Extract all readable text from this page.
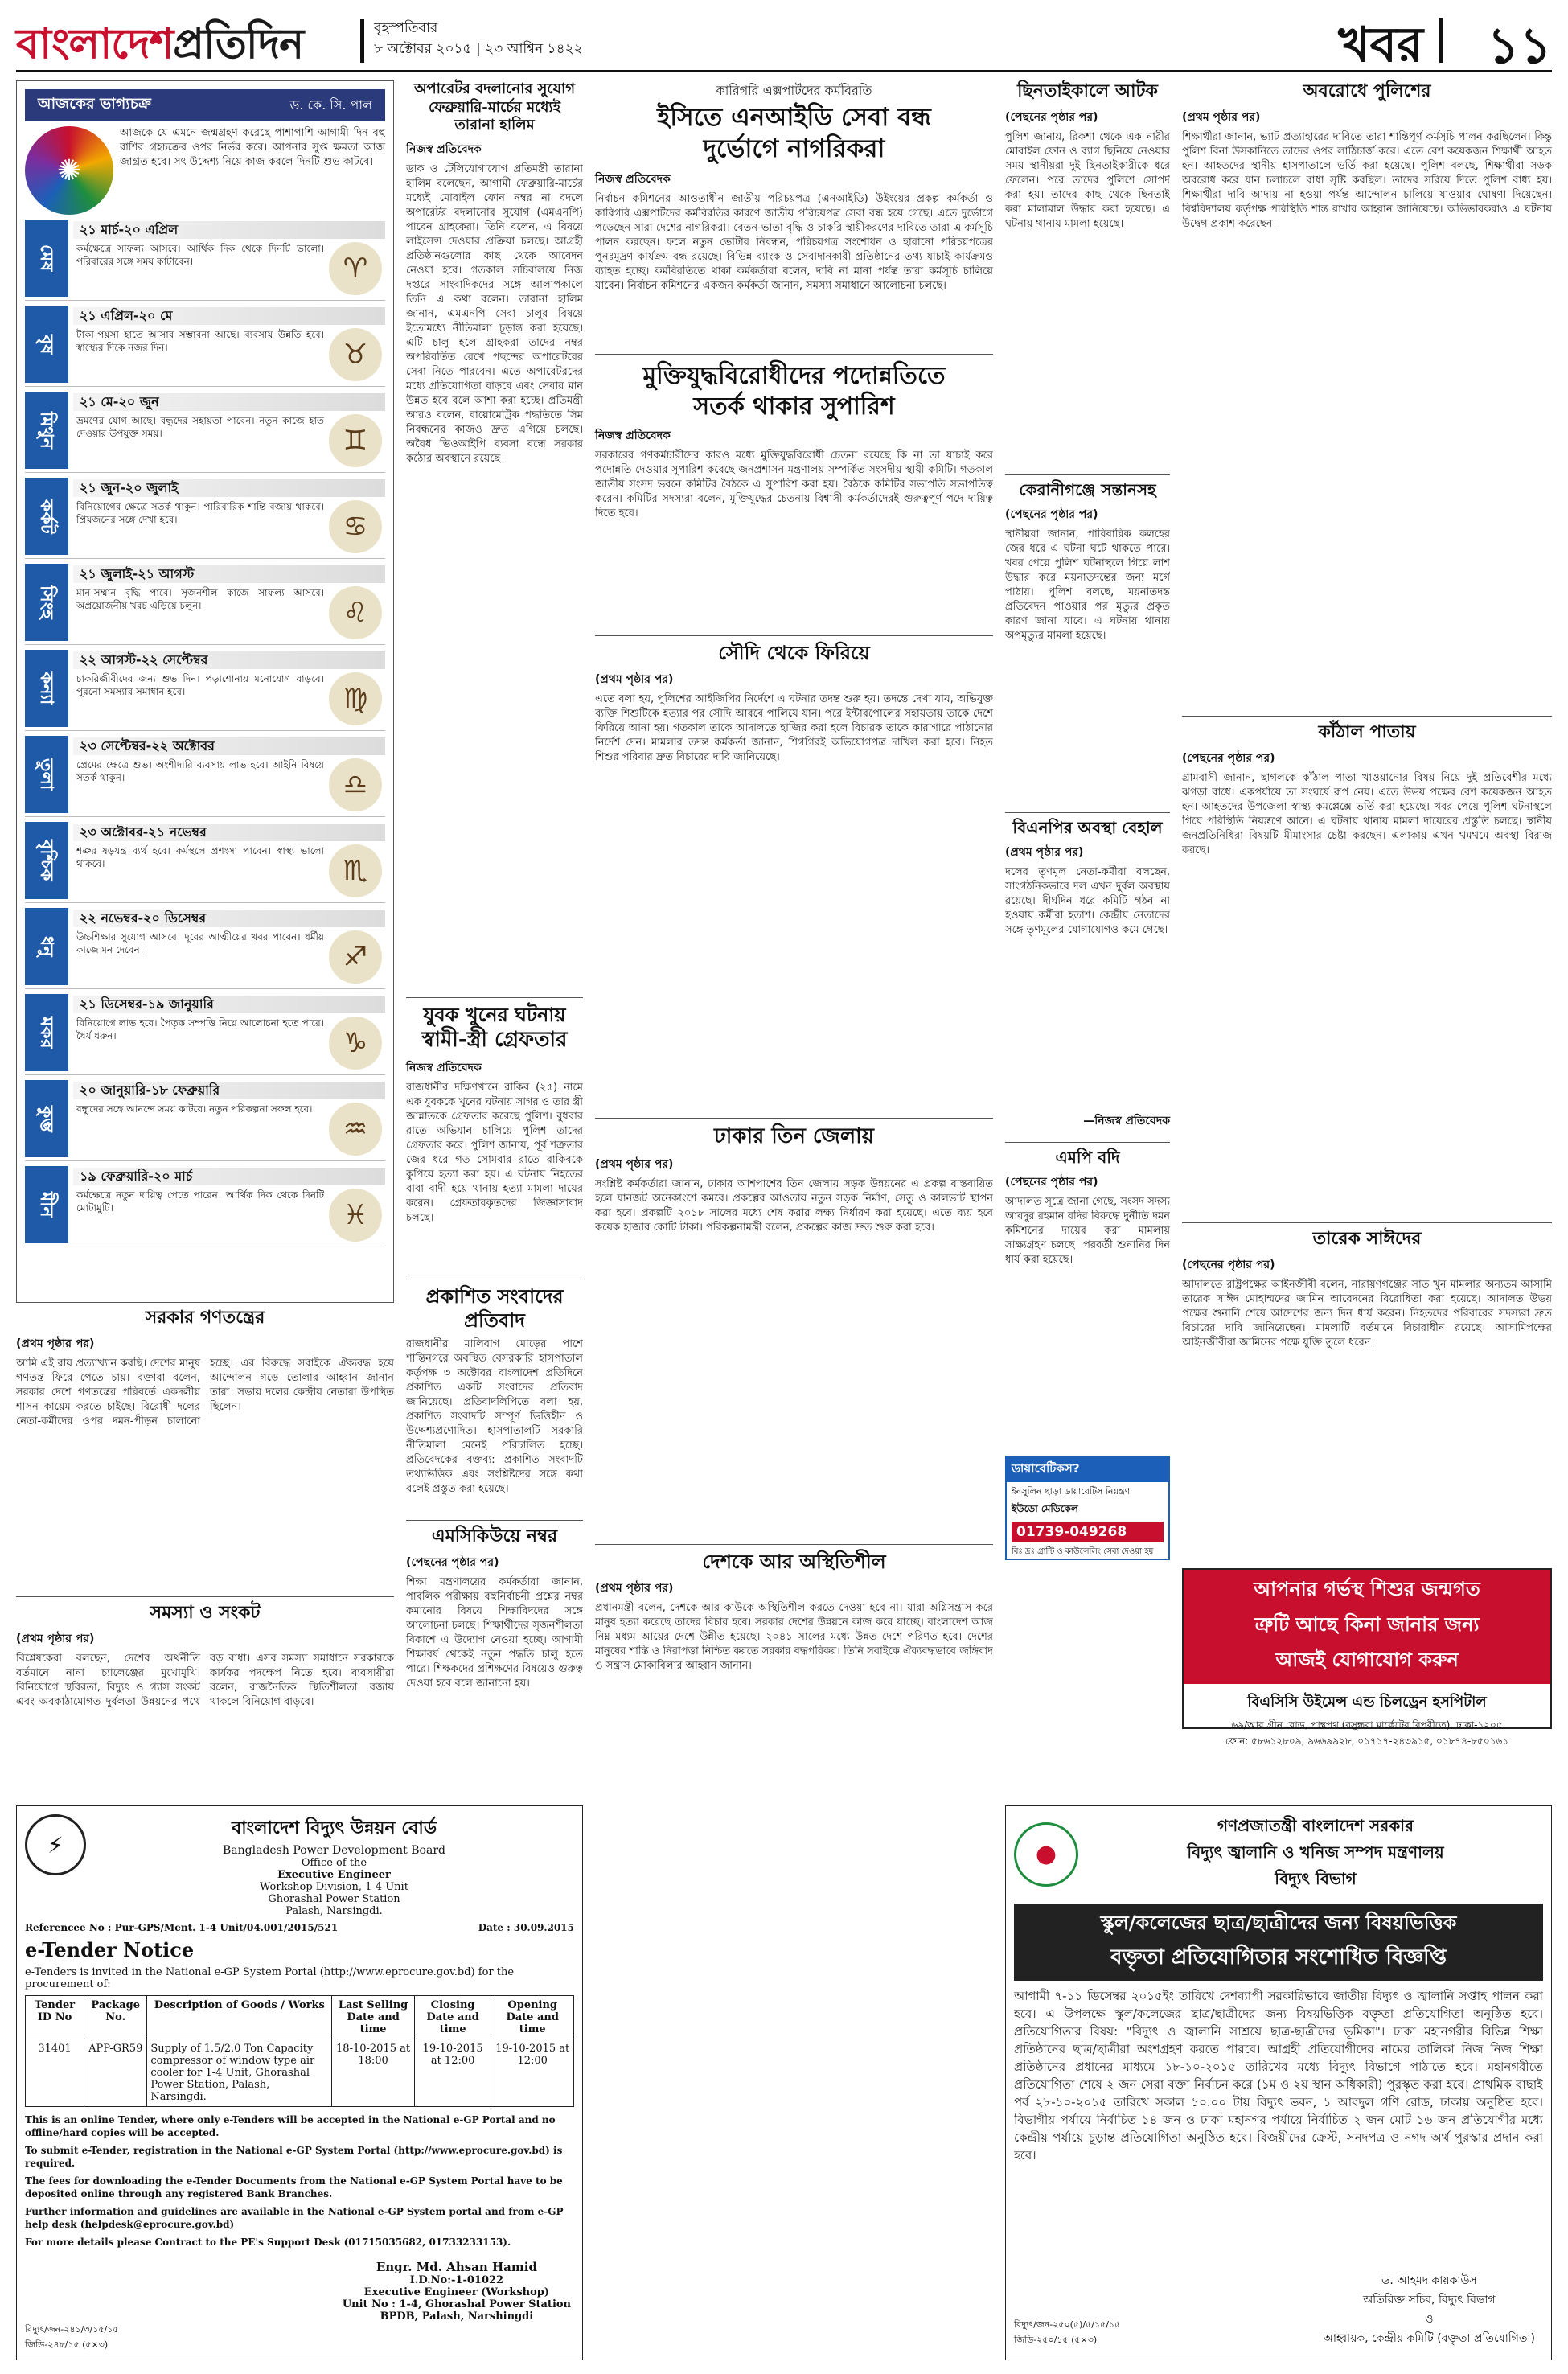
বাংলাদেশপ্রতিদিন	বৃহস্পতিবার
৮ অক্টোবর ২০১৫ | ২৩ আশ্বিন ১৪২২	খবর ১১
আজকের ভাগ্যচক্র	ড. কে. সি. পাল
✺
আজকে যে এমনে জন্মগ্রহণ করেছে পাশাপাশি আগামী দিন বহু রাশির গ্রহচক্রের ওপর নির্ভর করে। আপনার সুপ্ত ক্ষমতা আজ জাগ্রত হবে। সৎ উদ্দেশ্য নিয়ে কাজ করলে দিনটি শুভ কাটবে।
মেষ
২১ মার্চ-২০ এপ্রিল
কর্মক্ষেত্রে সাফল্য আসবে। আর্থিক দিক থেকে দিনটি ভালো। পরিবারের সঙ্গে সময় কাটাবেন।	♈
বৃষ
২১ এপ্রিল-২০ মে
টাকা-পয়সা হাতে আসার সম্ভাবনা আছে। ব্যবসায় উন্নতি হবে। স্বাস্থ্যের দিকে নজর দিন।	♉
মিথুন
২১ মে-২০ জুন
ভ্রমণের যোগ আছে। বন্ধুদের সহায়তা পাবেন। নতুন কাজে হাত দেওয়ার উপযুক্ত সময়।	♊
কর্কট
২১ জুন-২০ জুলাই
বিনিয়োগের ক্ষেত্রে সতর্ক থাকুন। পারিবারিক শান্তি বজায় থাকবে। প্রিয়জনের সঙ্গে দেখা হবে।	♋
সিংহ
২১ জুলাই-২১ আগস্ট
মান-সম্মান বৃদ্ধি পাবে। সৃজনশীল কাজে সাফল্য আসবে। অপ্রয়োজনীয় খরচ এড়িয়ে চলুন।	♌
কন্যা
২২ আগস্ট-২২ সেপ্টেম্বর
চাকরিজীবীদের জন্য শুভ দিন। পড়াশোনায় মনোযোগ বাড়বে। পুরনো সমস্যার সমাধান হবে।	♍
তুলা
২৩ সেপ্টেম্বর-২২ অক্টোবর
প্রেমের ক্ষেত্রে শুভ। অংশীদারি ব্যবসায় লাভ হবে। আইনি বিষয়ে সতর্ক থাকুন।	♎
বৃশ্চিক
২৩ অক্টোবর-২১ নভেম্বর
শত্রুর ষড়যন্ত্র ব্যর্থ হবে। কর্মস্থলে প্রশংসা পাবেন। স্বাস্থ্য ভালো থাকবে।	♏
ধনু
২২ নভেম্বর-২০ ডিসেম্বর
উচ্চশিক্ষার সুযোগ আসবে। দূরের আত্মীয়ের খবর পাবেন। ধর্মীয় কাজে মন দেবেন।	♐
মকর
২১ ডিসেম্বর-১৯ জানুয়ারি
বিনিয়োগে লাভ হবে। পৈতৃক সম্পত্তি নিয়ে আলোচনা হতে পারে। ধৈর্য ধরুন।	♑
কুম্ভ
২০ জানুয়ারি-১৮ ফেব্রুয়ারি
বন্ধুদের সঙ্গে আনন্দে সময় কাটবে। নতুন পরিকল্পনা সফল হবে।
♒
মীন
১৯ ফেব্রুয়ারি-২০ মার্চ
কর্মক্ষেত্রে নতুন দায়িত্ব পেতে পারেন। আর্থিক দিক থেকে দিনটি মোটামুটি।	♓
অপারেটর বদলানোর সুযোগ
ফেব্রুয়ারি-মার্চের মধ্যেই
তারানা হালিম
নিজস্ব প্রতিবেদক
ডাক ও টেলিযোগাযোগ প্রতিমন্ত্রী তারানা হালিম বলেছেন, আগামী ফেব্রুয়ারি-মার্চের মধ্যেই মোবাইল ফোন নম্বর না বদলে অপারেটর বদলানোর সুযোগ (এমএনপি) পাবেন গ্রাহকেরা। তিনি বলেন, এ বিষয়ে লাইসেন্স দেওয়ার প্রক্রিয়া চলছে। আগ্রহী প্রতিষ্ঠানগুলোর কাছ থেকে আবেদন নেওয়া হবে। গতকাল সচিবালয়ে নিজ দপ্তরে সাংবাদিকদের সঙ্গে আলাপকালে তিনি এ কথা বলেন। তারানা হালিম জানান, এমএনপি সেবা চালুর বিষয়ে ইতোমধ্যে নীতিমালা চূড়ান্ত করা হয়েছে। এটি চালু হলে গ্রাহকরা তাদের নম্বর অপরিবর্তিত রেখে পছন্দের অপারেটরের সেবা নিতে পারবেন। এতে অপারেটরদের মধ্যে প্রতিযোগিতা বাড়বে এবং সেবার মান উন্নত হবে বলে আশা করা হচ্ছে। প্রতিমন্ত্রী আরও বলেন, বায়োমেট্রিক পদ্ধতিতে সিম নিবন্ধনের কাজও দ্রুত এগিয়ে চলছে। অবৈধ ভিওআইপি ব্যবসা বন্ধে সরকার কঠোর অবস্থানে রয়েছে।
যুবক খুনের ঘটনায়
স্বামী-স্ত্রী গ্রেফতার
নিজস্ব প্রতিবেদক
রাজধানীর দক্ষিণখানে রাকিব (২৫) নামে এক যুবককে খুনের ঘটনায় সাগর ও তার স্ত্রী জান্নাতকে গ্রেফতার করেছে পুলিশ। বুধবার রাতে অভিযান চালিয়ে পুলিশ তাদের গ্রেফতার করে। পুলিশ জানায়, পূর্ব শত্রুতার জের ধরে গত সোমবার রাতে রাকিবকে কুপিয়ে হত্যা করা হয়। এ ঘটনায় নিহতের বাবা বাদী হয়ে থানায় হত্যা মামলা দায়ের করেন। গ্রেফতারকৃতদের জিজ্ঞাসাবাদ চলছে।
প্রকাশিত সংবাদের
প্রতিবাদ
রাজধানীর মালিবাগ মোড়ের পাশে শান্তিনগরে অবস্থিত বেসরকারি হাসপাতাল কর্তৃপক্ষ ৩ অক্টোবর বাংলাদেশ প্রতিদিনে প্রকাশিত একটি সংবাদের প্রতিবাদ জানিয়েছে। প্রতিবাদলিপিতে বলা হয়, প্রকাশিত সংবাদটি সম্পূর্ণ ভিত্তিহীন ও উদ্দেশ্যপ্রণোদিত। হাসপাতালটি সরকারি নীতিমালা মেনেই পরিচালিত হচ্ছে। প্রতিবেদকের বক্তব্য: প্রকাশিত সংবাদটি তথ্যভিত্তিক এবং সংশ্লিষ্টদের সঙ্গে কথা বলেই প্রস্তুত করা হয়েছে।
এমসিকিউয়ে নম্বর
(পেছনের পৃষ্ঠার পর)
শিক্ষা মন্ত্রণালয়ের কর্মকর্তারা জানান, পাবলিক পরীক্ষায় বহুনির্বাচনী প্রশ্নের নম্বর কমানোর বিষয়ে শিক্ষাবিদদের সঙ্গে আলোচনা চলছে। শিক্ষার্থীদের সৃজনশীলতা বিকাশে এ উদ্যোগ নেওয়া হচ্ছে। আগামী শিক্ষাবর্ষ থেকেই নতুন পদ্ধতি চালু হতে পারে। শিক্ষকদের প্রশিক্ষণের বিষয়েও গুরুত্ব দেওয়া হবে বলে জানানো হয়।
সরকার গণতন্ত্রের
(প্রথম পৃষ্ঠার পর)
আমি এই রায় প্রত্যাখ্যান করছি। দেশের মানুষ গণতন্ত্র ফিরে পেতে চায়। বক্তারা বলেন, সরকার দেশে গণতন্ত্রের পরিবর্তে একদলীয় শাসন কায়েম করতে চাইছে। বিরোধী দলের নেতা-কর্মীদের ওপর দমন-পীড়ন চালানো হচ্ছে। এর বিরুদ্ধে সবাইকে ঐক্যবদ্ধ হয়ে আন্দোলন গড়ে তোলার আহ্বান জানান তারা। সভায় দলের কেন্দ্রীয় নেতারা উপস্থিত ছিলেন।
সমস্যা ও সংকট
(প্রথম পৃষ্ঠার পর)
বিশ্লেষকেরা বলছেন, দেশের অর্থনীতি বর্তমানে নানা চ্যালেঞ্জের মুখোমুখি। বিনিয়োগে স্থবিরতা, বিদ্যুৎ ও গ্যাস সংকট এবং অবকাঠামোগত দুর্বলতা উন্নয়নের পথে বড় বাধা। এসব সমস্যা সমাধানে সরকারকে কার্যকর পদক্ষেপ নিতে হবে। ব্যবসায়ীরা বলেন, রাজনৈতিক স্থিতিশীলতা বজায় থাকলে বিনিয়োগ বাড়বে।
কারিগরি এক্সপার্টদের কর্মবিরতি
ইসিতে এনআইডি সেবা বন্ধ
দুর্ভোগে নাগরিকরা
নিজস্ব প্রতিবেদক
নির্বাচন কমিশনের আওতাধীন জাতীয় পরিচয়পত্র (এনআইডি) উইংয়ের প্রকল্প কর্মকর্তা ও কারিগরি এক্সপার্টদের কর্মবিরতির কারণে জাতীয় পরিচয়পত্র সেবা বন্ধ হয়ে গেছে। এতে দুর্ভোগে পড়েছেন সারা দেশের নাগরিকরা। বেতন-ভাতা বৃদ্ধি ও চাকরি স্থায়ীকরণের দাবিতে তারা এ কর্মসূচি পালন করছেন। ফলে নতুন ভোটার নিবন্ধন, পরিচয়পত্র সংশোধন ও হারানো পরিচয়পত্রের পুনঃমুদ্রণ কার্যক্রম বন্ধ রয়েছে। বিভিন্ন ব্যাংক ও সেবাদানকারী প্রতিষ্ঠানের তথ্য যাচাই কার্যক্রমও ব্যাহত হচ্ছে। কর্মবিরতিতে থাকা কর্মকর্তারা বলেন, দাবি না মানা পর্যন্ত তারা কর্মসূচি চালিয়ে যাবেন। নির্বাচন কমিশনের একজন কর্মকর্তা জানান, সমস্যা সমাধানে আলোচনা চলছে।
মুক্তিযুদ্ধবিরোধীদের পদোন্নতিতে
সতর্ক থাকার সুপারিশ
নিজস্ব প্রতিবেদক
সরকারের গণকর্মচারীদের কারও মধ্যে মুক্তিযুদ্ধবিরোধী চেতনা রয়েছে কি না তা যাচাই করে পদোন্নতি দেওয়ার সুপারিশ করেছে জনপ্রশাসন মন্ত্রণালয় সম্পর্কিত সংসদীয় স্থায়ী কমিটি। গতকাল জাতীয় সংসদ ভবনে কমিটির বৈঠকে এ সুপারিশ করা হয়। বৈঠকে কমিটির সভাপতি সভাপতিত্ব করেন। কমিটির সদস্যরা বলেন, মুক্তিযুদ্ধের চেতনায় বিশ্বাসী কর্মকর্তাদেরই গুরুত্বপূর্ণ পদে দায়িত্ব দিতে হবে।
সৌদি থেকে ফিরিয়ে
(প্রথম পৃষ্ঠার পর)
এতে বলা হয়, পুলিশের আইজিপির নির্দেশে এ ঘটনার তদন্ত শুরু হয়। তদন্তে দেখা যায়, অভিযুক্ত ব্যক্তি শিশুটিকে হত্যার পর সৌদি আরবে পালিয়ে যান। পরে ইন্টারপোলের সহায়তায় তাকে দেশে ফিরিয়ে আনা হয়। গতকাল তাকে আদালতে হাজির করা হলে বিচারক তাকে কারাগারে পাঠানোর নির্দেশ দেন। মামলার তদন্ত কর্মকর্তা জানান, শিগগিরই অভিযোগপত্র দাখিল করা হবে। নিহত শিশুর পরিবার দ্রুত বিচারের দাবি জানিয়েছে।
ঢাকার তিন জেলায়
(প্রথম পৃষ্ঠার পর)
সংশ্লিষ্ট কর্মকর্তারা জানান, ঢাকার আশপাশের তিন জেলায় সড়ক উন্নয়নের এ প্রকল্প বাস্তবায়িত হলে যানজট অনেকাংশে কমবে। প্রকল্পের আওতায় নতুন সড়ক নির্মাণ, সেতু ও কালভার্ট স্থাপন করা হবে। প্রকল্পটি ২০১৮ সালের মধ্যে শেষ করার লক্ষ্য নির্ধারণ করা হয়েছে। এতে ব্যয় হবে কয়েক হাজার কোটি টাকা। পরিকল্পনামন্ত্রী বলেন, প্রকল্পের কাজ দ্রুত শুরু করা হবে।
দেশকে আর অস্থিতিশীল
(প্রথম পৃষ্ঠার পর)
প্রধানমন্ত্রী বলেন, দেশকে আর কাউকে অস্থিতিশীল করতে দেওয়া হবে না। যারা অগ্নিসন্ত্রাস করে মানুষ হত্যা করেছে তাদের বিচার হবে। সরকার দেশের উন্নয়নে কাজ করে যাচ্ছে। বাংলাদেশ আজ নিম্ন মধ্যম আয়ের দেশে উন্নীত হয়েছে। ২০৪১ সালের মধ্যে উন্নত দেশে পরিণত হবে। দেশের মানুষের শান্তি ও নিরাপত্তা নিশ্চিত করতে সরকার বদ্ধপরিকর। তিনি সবাইকে ঐক্যবদ্ধভাবে জঙ্গিবাদ ও সন্ত্রাস মোকাবিলার আহ্বান জানান।
ছিনতাইকালে আটক
(পেছনের পৃষ্ঠার পর)
পুলিশ জানায়, রিকশা থেকে এক নারীর মোবাইল ফোন ও ব্যাগ ছিনিয়ে নেওয়ার সময় স্থানীয়রা দুই ছিনতাইকারীকে ধরে ফেলেন। পরে তাদের পুলিশে সোপর্দ করা হয়। তাদের কাছ থেকে ছিনতাই করা মালামাল উদ্ধার করা হয়েছে। এ ঘটনায় থানায় মামলা হয়েছে।
কেরানীগঞ্জে সন্তানসহ
(পেছনের পৃষ্ঠার পর)
স্থানীয়রা জানান, পারিবারিক কলহের জের ধরে এ ঘটনা ঘটে থাকতে পারে। খবর পেয়ে পুলিশ ঘটনাস্থলে গিয়ে লাশ উদ্ধার করে ময়নাতদন্তের জন্য মর্গে পাঠায়। পুলিশ বলছে, ময়নাতদন্ত প্রতিবেদন পাওয়ার পর মৃত্যুর প্রকৃত কারণ জানা যাবে। এ ঘটনায় থানায় অপমৃত্যুর মামলা হয়েছে।
বিএনপির অবস্থা বেহাল
(প্রথম পৃষ্ঠার পর)
দলের তৃণমূল নেতা-কর্মীরা বলছেন, সাংগঠনিকভাবে দল এখন দুর্বল অবস্থায় রয়েছে। দীর্ঘদিন ধরে কমিটি গঠন না হওয়ায় কর্মীরা হতাশ। কেন্দ্রীয় নেতাদের সঙ্গে তৃণমূলের যোগাযোগও কমে গেছে।
—নিজস্ব প্রতিবেদক
এমপি বদি
(পেছনের পৃষ্ঠার পর)
আদালত সূত্রে জানা গেছে, সংসদ সদস্য আবদুর রহমান বদির বিরুদ্ধে দুর্নীতি দমন কমিশনের দায়ের করা মামলায় সাক্ষ্যগ্রহণ চলছে। পরবর্তী শুনানির দিন ধার্য করা হয়েছে।
ডায়াবেটিকস?
ইনসুলিন ছাড়া ডায়াবেটিস নিয়ন্ত্রণ
ইউডো মেডিকেল
01739-049268
বিঃ দ্রঃ গ্রান্টি ও কাউন্সেলিং সেবা দেওয়া হয়
অবরোধে পুলিশের
(প্রথম পৃষ্ঠার পর)
শিক্ষার্থীরা জানান, ভ্যাট প্রত্যাহারের দাবিতে তারা শান্তিপূর্ণ কর্মসূচি পালন করছিলেন। কিন্তু পুলিশ বিনা উসকানিতে তাদের ওপর লাঠিচার্জ করে। এতে বেশ কয়েকজন শিক্ষার্থী আহত হন। আহতদের স্থানীয় হাসপাতালে ভর্তি করা হয়েছে। পুলিশ বলছে, শিক্ষার্থীরা সড়ক অবরোধ করে যান চলাচলে বাধা সৃষ্টি করছিল। তাদের সরিয়ে দিতে পুলিশ বাধ্য হয়। শিক্ষার্থীরা দাবি আদায় না হওয়া পর্যন্ত আন্দোলন চালিয়ে যাওয়ার ঘোষণা দিয়েছেন। বিশ্ববিদ্যালয় কর্তৃপক্ষ পরিস্থিতি শান্ত রাখার আহ্বান জানিয়েছে। অভিভাবকরাও এ ঘটনায় উদ্বেগ প্রকাশ করেছেন।
কাঁঠাল পাতায়
(পেছনের পৃষ্ঠার পর)
গ্রামবাসী জানান, ছাগলকে কাঁঠাল পাতা খাওয়ানোর বিষয় নিয়ে দুই প্রতিবেশীর মধ্যে ঝগড়া বাধে। একপর্যায়ে তা সংঘর্ষে রূপ নেয়। এতে উভয় পক্ষের বেশ কয়েকজন আহত হন। আহতদের উপজেলা স্বাস্থ্য কমপ্লেক্সে ভর্তি করা হয়েছে। খবর পেয়ে পুলিশ ঘটনাস্থলে গিয়ে পরিস্থিতি নিয়ন্ত্রণে আনে। এ ঘটনায় থানায় মামলা দায়েরের প্রস্তুতি চলছে। স্থানীয় জনপ্রতিনিধিরা বিষয়টি মীমাংসার চেষ্টা করছেন। এলাকায় এখন থমথমে অবস্থা বিরাজ করছে।
তারেক সাঈদের
(পেছনের পৃষ্ঠার পর)
আদালতে রাষ্ট্রপক্ষের আইনজীবী বলেন, নারায়ণগঞ্জের সাত খুন মামলার অন্যতম আসামি তারেক সাঈদ মোহাম্মদের জামিন আবেদনের বিরোধিতা করা হয়েছে। আদালত উভয় পক্ষের শুনানি শেষে আদেশের জন্য দিন ধার্য করেন। নিহতদের পরিবারের সদস্যরা দ্রুত বিচারের দাবি জানিয়েছেন। মামলাটি বর্তমানে বিচারাধীন রয়েছে। আসামিপক্ষের আইনজীবীরা জামিনের পক্ষে যুক্তি তুলে ধরেন।
আপনার গর্ভস্থ শিশুর জন্মগত
ত্রুটি আছে কিনা জানার জন্য
আজই যোগাযোগ করুন
বিএসিসি উইমেন্স এন্ড চিলড্রেন হসপিটাল
৬৯/আর গ্রীন রোড, পান্থপথ (বসুন্ধরা মার্কেটের বিপরীতে), ঢাকা-১২০৫
ফোন: ৫৮৬১২৮০৯, ৯৬৬৯৯২৮, ০১৭১৭-২৪৩৯১৫, ০১৮৭৪-৮৫০১৬১
⚡
বাংলাদেশ বিদ্যুৎ উন্নয়ন বোর্ড
Bangladesh Power Development Board
Office of the
Executive Engineer
Workshop Division, 1-4 Unit
Ghorashal Power Station
Palash, Narsingdi.
Referencee No : Pur-GPS/Ment. 1-4 Unit/04.001/2015/521	Date : 30.09.2015
e-Tender Notice
e-Tenders is invited in the National e-GP System Portal (http://www.eprocure.gov.bd) for the procurement of:
Tender ID No	Package No.	Description of Goods / Works	Last Selling Date and time	Closing Date and time	Opening Date and time
31401	APP-GR59	Supply of 1.5/2.0 Ton Capacity compressor of window type air cooler for 1-4 Unit, Ghorashal Power Station, Palash, Narsingdi.	18-10-2015 at 18:00	19-10-2015 at 12:00	19-10-2015 at 12:00

This is an online Tender, where only e-Tenders will be accepted in the National e-GP Portal and no offline/hard copies will be accepted.

To submit e-Tender, registration in the National e-GP System Portal (http://www.eprocure.gov.bd) is required.

The fees for downloading the e-Tender Documents from the National e-GP System Portal have to be deposited online through any registered Bank Branches.

Further information and guidelines are available in the National e-GP System portal and from e-GP help desk (helpdesk@eprocure.gov.bd)

For more details please Contract to the PE's Support Desk (01715035682, 01733233153).

Engr. Md. Ahsan Hamid
I.D.No:-1-01022
Executive Engineer (Workshop)
Unit No : 1-4, Ghorashal Power Station
BPDB, Palash, Narshingdi
বিদ্যুৎ/জন-২৪১/৩/১৫/১৫
জিডি-২৪৮/১৫ (৫×৩)
●
গণপ্রজাতন্ত্রী বাংলাদেশ সরকার
বিদ্যুৎ জ্বালানি ও খনিজ সম্পদ মন্ত্রণালয়
বিদ্যুৎ বিভাগ
স্কুল/কলেজের ছাত্র/ছাত্রীদের জন্য বিষয়ভিত্তিক
বক্তৃতা প্রতিযোগিতার সংশোধিত বিজ্ঞপ্তি
আগামী ৭-১১ ডিসেম্বর ২০১৫ইং তারিখে দেশব্যাপী সরকারিভাবে জাতীয় বিদ্যুৎ ও জ্বালানি সপ্তাহ পালন করা হবে। এ উপলক্ষে স্কুল/কলেজের ছাত্র/ছাত্রীদের জন্য বিষয়ভিত্তিক বক্তৃতা প্রতিযোগিতা অনুষ্ঠিত হবে। প্রতিযোগিতার বিষয়: "বিদ্যুৎ ও জ্বালানি সাশ্রয়ে ছাত্র-ছাত্রীদের ভূমিকা"। ঢাকা মহানগরীর বিভিন্ন শিক্ষা প্রতিষ্ঠানের ছাত্র/ছাত্রীরা অংশগ্রহণ করতে পারবে। আগ্রহী প্রতিযোগীদের নামের তালিকা নিজ নিজ শিক্ষা প্রতিষ্ঠানের প্রধানের মাধ্যমে ১৮-১০-২০১৫ তারিখের মধ্যে বিদ্যুৎ বিভাগে পাঠাতে হবে। মহানগরীতে প্রতিযোগিতা শেষে ২ জন সেরা বক্তা নির্বাচন করে (১ম ও ২য় স্থান অধিকারী) পুরস্কৃত করা হবে। প্রাথমিক বাছাই পর্ব ২৮-১০-২০১৫ তারিখে সকাল ১০.০০ টায় বিদ্যুৎ ভবন, ১ আবদুল গণি রোড, ঢাকায় অনুষ্ঠিত হবে। বিভাগীয় পর্যায়ে নির্বাচিত ১৪ জন ও ঢাকা মহানগর পর্যায়ে নির্বাচিত ২ জন মোট ১৬ জন প্রতিযোগীর মধ্যে কেন্দ্রীয় পর্যায়ে চূড়ান্ত প্রতিযোগিতা অনুষ্ঠিত হবে। বিজয়ীদের ক্রেস্ট, সনদপত্র ও নগদ অর্থ পুরস্কার প্রদান করা হবে।
ড. আহমদ কায়কাউস
অতিরিক্ত সচিব, বিদ্যুৎ বিভাগ
ও
আহ্বায়ক, কেন্দ্রীয় কমিটি (বক্তৃতা প্রতিযোগিতা)
বিদ্যুৎ/জন-২৫০(৫)/৫/১৫/১৫
জিডি-২৫০/১৫ (৫×৩)
